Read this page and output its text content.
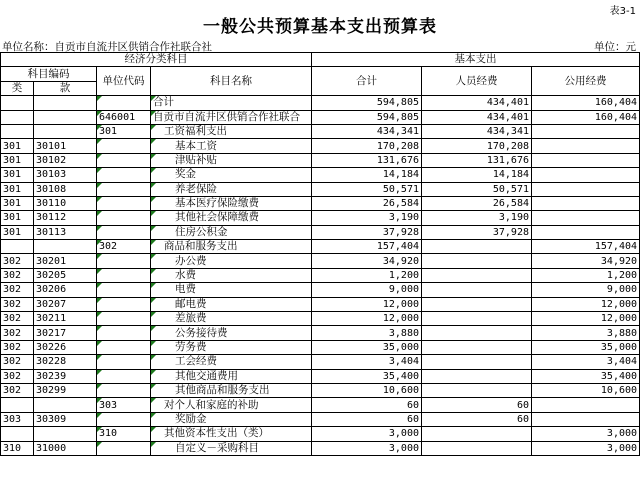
表3-1
一般公共预算基本支出预算表
单位名称：自贡市自流井区供销合作社联合社	单位：元
经济分类科目				基本支出		
科目编码		单位代码	科目名称	合计	人员经费	公用经费
类	款					
			合计	594,805	434,401	160,404
		646001	自贡市自流井区供销合作社联合	594,805	434,401	160,404
		301	工资福利支出	434,341	434,341	
301	30101		基本工资	170,208	170,208	
301	30102		津贴补贴	131,676	131,676	
301	30103		奖金	14,184	14,184	
301	30108		养老保险	50,571	50,571	
301	30110		基本医疗保险缴费	26,584	26,584	
301	30112		其他社会保障缴费	3,190	3,190	
301	30113		住房公积金	37,928	37,928	
		302	商品和服务支出	157,404		157,404
302	30201		办公费	34,920		34,920
302	30205		水费	1,200		1,200
302	30206		电费	9,000		9,000
302	30207		邮电费	12,000		12,000
302	30211		差旅费	12,000		12,000
302	30217		公务接待费	3,880		3,880
302	30226		劳务费	35,000		35,000
302	30228		工会经费	3,404		3,404
302	30239		其他交通费用	35,400		35,400
302	30299		其他商品和服务支出	10,600		10,600
		303	对个人和家庭的补助	60	60	
303	30309		奖励金	60	60	
		310	其他资本性支出（类）	3,000		3,000
310	31000		自定义－采购科目	3,000		3,000
